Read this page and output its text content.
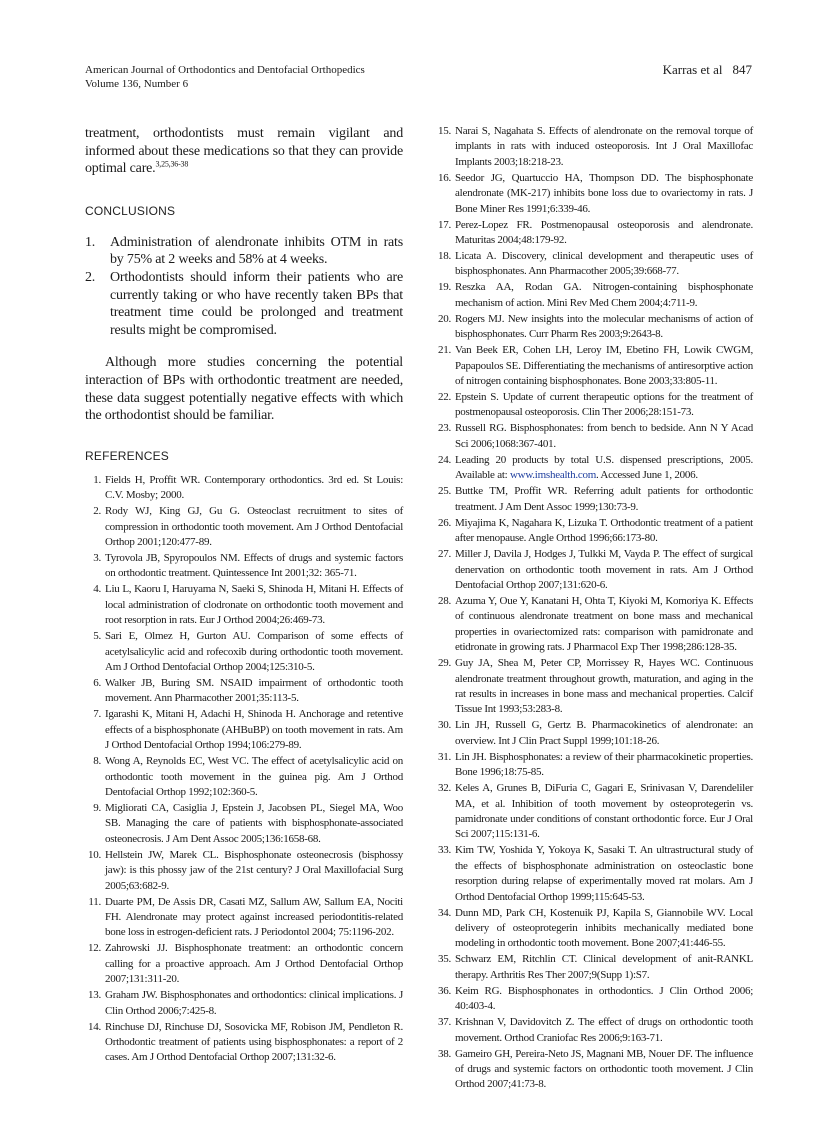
American Journal of Orthodontics and Dentofacial Orthopedics
Volume 136, Number 6
Karras et al 847

treatment, orthodontists must remain vigilant and informed about these medications so that they can provide optimal care.$^{3,25,36-38}$

CONCLUSIONS
1. Administration of alendronate inhibits OTM in rats by 75% at 2 weeks and 58% at 4 weeks.
2. Orthodontists should inform their patients who are currently taking or who have recently taken BPs that treatment time could be prolonged and treatment results might be compromised.

Although more studies concerning the potential interaction of BPs with orthodontic treatment are needed, these data suggest potentially negative effects with which the orthodontist should be familiar.

REFERENCES
1. Fields H, Proffit WR. Contemporary orthodontics. 3rd ed. St Louis: C.V. Mosby; 2000.
2. Rody WJ, King GJ, Gu G. Osteoclast recruitment to sites of compression in orthodontic tooth movement. Am J Orthod Dentofacial Orthop 2001;120:477-89.
3. Tyrovola JB, Spyropoulos NM. Effects of drugs and systemic factors on orthodontic treatment. Quintessence Int 2001;32: 365-71.
4. Liu L, Kaoru I, Haruyama N, Saeki S, Shinoda H, Mitani H. Effects of local administration of clodronate on orthodontic tooth movement and root resorption in rats. Eur J Orthod 2004;26:469-73.
5. Sari E, Olmez H, Gurton AU. Comparison of some effects of acetylsalicylic acid and rofecoxib during orthodontic tooth movement. Am J Orthod Dentofacial Orthop 2004;125:310-5.
6. Walker JB, Buring SM. NSAID impairment of orthodontic tooth movement. Ann Pharmacother 2001;35:113-5.
7. Igarashi K, Mitani H, Adachi H, Shinoda H. Anchorage and retentive effects of a bisphosphonate (AHBuBP) on tooth movement in rats. Am J Orthod Dentofacial Orthop 1994;106:279-89.
8. Wong A, Reynolds EC, West VC. The effect of acetylsalicylic acid on orthodontic tooth movement in the guinea pig. Am J Orthod Dentofacial Orthop 1992;102:360-5.
9. Migliorati CA, Casiglia J, Epstein J, Jacobsen PL, Siegel MA, Woo SB. Managing the care of patients with bisphosphonate-associated osteonecrosis. J Am Dent Assoc 2005;136:1658-68.
10. Hellstein JW, Marek CL. Bisphosphonate osteonecrosis (bisphossy jaw): is this phossy jaw of the 21st century? J Oral Maxillofacial Surg 2005;63:682-9.
11. Duarte PM, De Assis DR, Casati MZ, Sallum AW, Sallum EA, Nociti FH. Alendronate may protect against increased periodontitis-related bone loss in estrogen-deficient rats. J Periodontol 2004; 75:1196-202.
12. Zahrowski JJ. Bisphosphonate treatment: an orthodontic concern calling for a proactive approach. Am J Orthod Dentofacial Orthop 2007;131:311-20.
13. Graham JW. Bisphosphonates and orthodontics: clinical implications. J Clin Orthod 2006;7:425-8.
14. Rinchuse DJ, Rinchuse DJ, Sosovicka MF, Robison JM, Pendleton R. Orthodontic treatment of patients using bisphosphonates: a report of 2 cases. Am J Orthod Dentofacial Orthop 2007;131:32-6.
15. Narai S, Nagahata S. Effects of alendronate on the removal torque of implants in rats with induced osteoporosis. Int J Oral Maxillofac Implants 2003;18:218-23.
16. Seedor JG, Quartuccio HA, Thompson DD. The bisphosphonate alendronate (MK-217) inhibits bone loss due to ovariectomy in rats. J Bone Miner Res 1991;6:339-46.
17. Perez-Lopez FR. Postmenopausal osteoporosis and alendronate. Maturitas 2004;48:179-92.
18. Licata A. Discovery, clinical development and therapeutic uses of bisphosphonates. Ann Pharmacother 2005;39:668-77.
19. Reszka AA, Rodan GA. Nitrogen-containing bisphosphonate mechanism of action. Mini Rev Med Chem 2004;4:711-9.
20. Rogers MJ. New insights into the molecular mechanisms of action of bisphosphonates. Curr Pharm Res 2003;9:2643-8.
21. Van Beek ER, Cohen LH, Leroy IM, Ebetino FH, Lowik CWGM, Papapoulos SE. Differentiating the mechanisms of antiresorptive action of nitrogen containing bisphosphonates. Bone 2003;33:805-11.
22. Epstein S. Update of current therapeutic options for the treatment of postmenopausal osteoporosis. Clin Ther 2006;28:151-73.
23. Russell RG. Bisphosphonates: from bench to bedside. Ann N Y Acad Sci 2006;1068:367-401.
24. Leading 20 products by total U.S. dispensed prescriptions, 2005. Available at: www.imshealth.com. Accessed June 1, 2006.
25. Buttke TM, Proffit WR. Referring adult patients for orthodontic treatment. J Am Dent Assoc 1999;130:73-9.
26. Miyajima K, Nagahara K, Lizuka T. Orthodontic treatment of a patient after menopause. Angle Orthod 1996;66:173-80.
27. Miller J, Davila J, Hodges J, Tulkki M, Vayda P. The effect of surgical denervation on orthodontic tooth movement in rats. Am J Orthod Dentofacial Orthop 2007;131:620-6.
28. Azuma Y, Oue Y, Kanatani H, Ohta T, Kiyoki M, Komoriya K. Effects of continuous alendronate treatment on bone mass and mechanical properties in ovariectomized rats: comparison with pamidronate and etidronate in growing rats. J Pharmacol Exp Ther 1998;286:128-35.
29. Guy JA, Shea M, Peter CP, Morrissey R, Hayes WC. Continuous alendronate treatment throughout growth, maturation, and aging in the rat results in increases in bone mass and mechanical properties. Calcif Tissue Int 1993;53:283-8.
30. Lin JH, Russell G, Gertz B. Pharmacokinetics of alendronate: an overview. Int J Clin Pract Suppl 1999;101:18-26.
31. Lin JH. Bisphosphonates: a review of their pharmacokinetic properties. Bone 1996;18:75-85.
32. Keles A, Grunes B, DiFuria C, Gagari E, Srinivasan V, Darendeliler MA, et al. Inhibition of tooth movement by osteoprotegerin vs. pamidronate under conditions of constant orthodontic force. Eur J Oral Sci 2007;115:131-6.
33. Kim TW, Yoshida Y, Yokoya K, Sasaki T. An ultrastructural study of the effects of bisphosphonate administration on osteoclastic bone resorption during relapse of experimentally moved rat molars. Am J Orthod Dentofacial Orthop 1999;115:645-53.
34. Dunn MD, Park CH, Kostenuik PJ, Kapila S, Giannobile WV. Local delivery of osteoprotegerin inhibits mechanically mediated bone modeling in orthodontic tooth movement. Bone 2007;41:446-55.
35. Schwarz EM, Ritchlin CT. Clinical development of anit-RANKL therapy. Arthritis Res Ther 2007;9(Supp 1):S7.
36. Keim RG. Bisphosphonates in orthodontics. J Clin Orthod 2006; 40:403-4.
37. Krishnan V, Davidovitch Z. The effect of drugs on orthodontic tooth movement. Orthod Craniofac Res 2006;9:163-71.
38. Gameiro GH, Pereira-Neto JS, Magnani MB, Nouer DF. The influence of drugs and systemic factors on orthodontic tooth movement. J Clin Orthod 2007;41:73-8.
